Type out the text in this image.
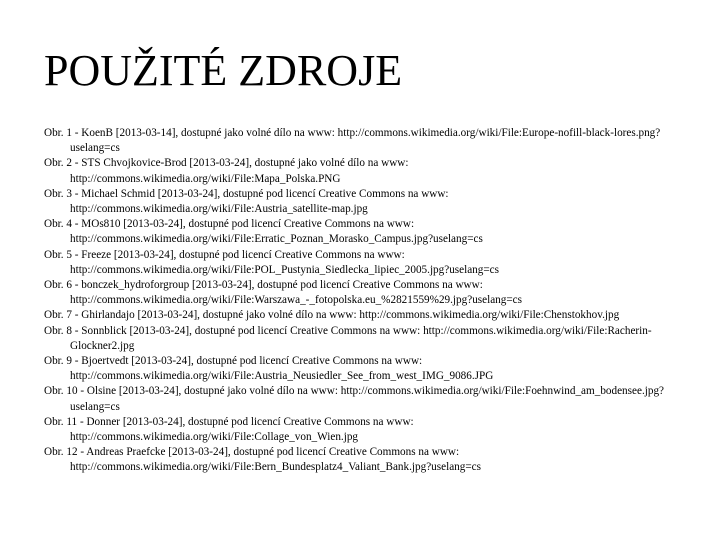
POUŽITÉ ZDROJE
Obr. 1 - KoenB [2013-03-14], dostupné jako volné dílo na www: http://commons.wikimedia.org/wiki/File:Europe-nofill-black-lores.png?uselang=cs
Obr. 2 - STS Chvojkovice-Brod [2013-03-24], dostupné jako volné dílo na www: http://commons.wikimedia.org/wiki/File:Mapa_Polska.PNG
Obr. 3 - Michael Schmid [2013-03-24], dostupné pod licencí Creative Commons na www: http://commons.wikimedia.org/wiki/File:Austria_satellite-map.jpg
Obr. 4 - MOs810 [2013-03-24], dostupné pod licencí Creative Commons na www: http://commons.wikimedia.org/wiki/File:Erratic_Poznan_Morasko_Campus.jpg?uselang=cs
Obr. 5 - Freeze [2013-03-24], dostupné pod licencí Creative Commons na www: http://commons.wikimedia.org/wiki/File:POL_Pustynia_Siedlecka_lipiec_2005.jpg?uselang=cs
Obr. 6 - bonczek_hydroforgroup [2013-03-24], dostupné pod licencí Creative Commons na www: http://commons.wikimedia.org/wiki/File:Warszawa_-_fotopolska.eu_%2821559%29.jpg?uselang=cs
Obr. 7 - Ghirlandajo [2013-03-24], dostupné jako volné dílo na www: http://commons.wikimedia.org/wiki/File:Chenstokhov.jpg
Obr. 8 - Sonnblick [2013-03-24], dostupné pod licencí Creative Commons na www: http://commons.wikimedia.org/wiki/File:Racherin-Glockner2.jpg
Obr. 9 - Bjoertvedt [2013-03-24], dostupné pod licencí Creative Commons na www: http://commons.wikimedia.org/wiki/File:Austria_Neusiedler_See_from_west_IMG_9086.JPG
Obr. 10 - Olsine [2013-03-24], dostupné jako volné dílo na www: http://commons.wikimedia.org/wiki/File:Foehnwind_am_bodensee.jpg?uselang=cs
Obr. 11 - Donner [2013-03-24], dostupné pod licencí Creative Commons na www: http://commons.wikimedia.org/wiki/File:Collage_von_Wien.jpg
Obr. 12 - Andreas Praefcke [2013-03-24], dostupné pod licencí Creative Commons na www: http://commons.wikimedia.org/wiki/File:Bern_Bundesplatz4_Valiant_Bank.jpg?uselang=cs
